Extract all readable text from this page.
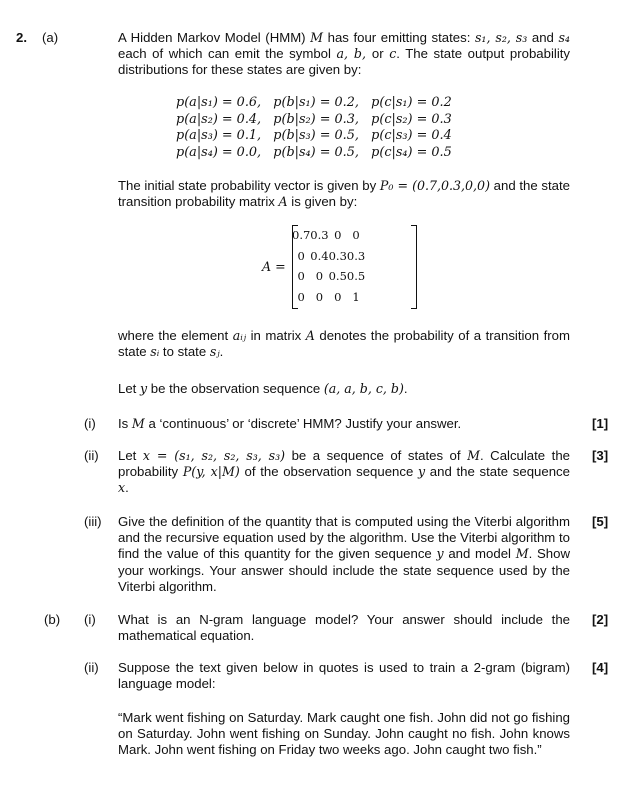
2. (a)	A Hidden Markov Model (HMM) M has four emitting states: s₁, s₂, s₃ and s₄ each of which can emit the symbol a, b, or c. The state output probability distributions for these states are given by:
p(a|s₁) = 0.6,   p(b|s₁) = 0.2,   p(c|s₁) = 0.2
p(a|s₂) = 0.4,   p(b|s₂) = 0.3,   p(c|s₂) = 0.3
p(a|s₃) = 0.1,   p(b|s₃) = 0.5,   p(c|s₃) = 0.4
p(a|s₄) = 0.0,   p(b|s₄) = 0.5,   p(c|s₄) = 0.5
The initial state probability vector is given by P₀ = (0.7,0.3,0,0) and the state transition probability matrix A is given by:
A =
0.7	0.3	0	0
0	0.4	0.3	0.3
0	0	0.5	0.5
0	0	0	1
where the element aᵢⱼ in matrix A denotes the probability of a transition from state sᵢ to state sⱼ.
Let y be the observation sequence (a, a, b, c, b).
(i) Is M a ‘continuous’ or ‘discrete’ HMM? Justify your answer.	[1]
(ii) Let x = (s₁, s₂, s₂, s₃, s₃) be a sequence of states of M. Calculate the probability P(y, x|M) of the observation sequence y and the state sequence x.
[3]
(iii) Give the definition of the quantity that is computed using the Viterbi algorithm and the recursive equation used by the algorithm. Use the Viterbi algorithm to find the value of this quantity for the given sequence y and model M. Show your workings. Your answer should include the state sequence used by the Viterbi algorithm.
[5]
(b) (i) What is an N-gram language model? Your answer should include the mathematical equation.
[2]
(ii) Suppose the text given below in quotes is used to train a 2-gram (bigram) language model:
[4]
“Mark went fishing on Saturday. Mark caught one fish. John did not go fishing on Saturday. John went fishing on Sunday. John caught no fish. John knows Mark. John went fishing on Friday two weeks ago. John caught two fish.”
